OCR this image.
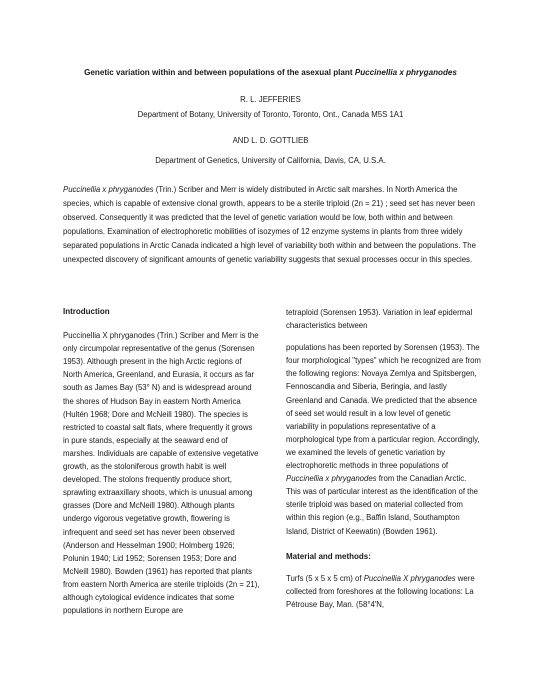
Genetic variation within and between populations of the asexual plant Puccinellia x phryganodes
R. L. JEFFERIES
Department of Botany, University of Toronto, Toronto, Ont., Canada M5S 1A1
AND L. D. GOTTLIEB
Department of Genetics, University of California, Davis, CA, U.S.A.
Puccinellia x phryganodes (Trin.) Scriber and Merr is widely distributed in Arctic salt marshes. In North America the species, which is capable of extensive clonal growth, appears to be a sterile triploid (2n = 21) ; seed set has never been observed. Consequently it was predicted that the level of genetic variation would be low, both within and between populations. Examination of electrophoretic mobilities of isozymes of 12 enzyme systems in plants from three widely separated populations in Arctic Canada indicated a high level of variability both within and between the populations. The unexpected discovery of significant amounts of genetic variability suggests that sexual processes occur in this species.

Introduction

Puccinellia X phryganodes (Trin.) Scriber and Merr is the only circumpolar representative of the genus (Sorensen 1953). Although present in the high Arctic regions of North America, Greenland, and Eurasia, it occurs as far south as James Bay (53° N) and is widespread around the shores of Hudson Bay in eastern North America (Hultén 1968; Dore and McNeill 1980). The species is restricted to coastal salt flats, where frequently it grows in pure stands, especially at the seaward end of marshes. Individuals are capable of extensive vegetative growth, as the stoloniferous growth habit is well developed. The stolons frequently produce short, sprawling extraaxillary shoots, which is unusual among grasses (Dore and McNeill 1980). Although plants undergo vigorous vegetative growth, flowering is infrequent and seed set has never been observed (Anderson and Hesselman 1900; Holmberg 1926; Polunin 1940; Lid 1952; Sorensen 1953; Dore and McNeill 1980). Bowden (1961) has reported that plants from eastern North America are sterile triploids (2n = 21), although cytological evidence indicates that some populations in northern Europe are

tetraploid (Sorensen 1953). Variation in leaf epidermal characteristics between

populations has been reported by Sorensen (1953). The four morphological "types" which he recognized are from the following regions: Novaya Zemlya and Spitsbergen, Fennoscandia and Siberia, Beringia, and lastly Greenland and Canada. We predicted that the absence of seed set would result in a low level of genetic variability in populations representative of a morphological type from a particular region. Accordingly, we examined the levels of genetic variation by electrophoretic methods in three populations of Puccinellia x phryganodes from the Canadian Arctic. This was of particular interest as the identification of the sterile triploid was based on material collected from within this region (e.g., Baffin Island, Southampton Island, District of Keewatin) (Bowden 1961).

Material and methods:

Turfs (5 x 5 x 5 cm) of Puccinellia X phryganodes were collected from foreshores at the following locations: La Pétrouse Bay, Man. (58°4'N,
